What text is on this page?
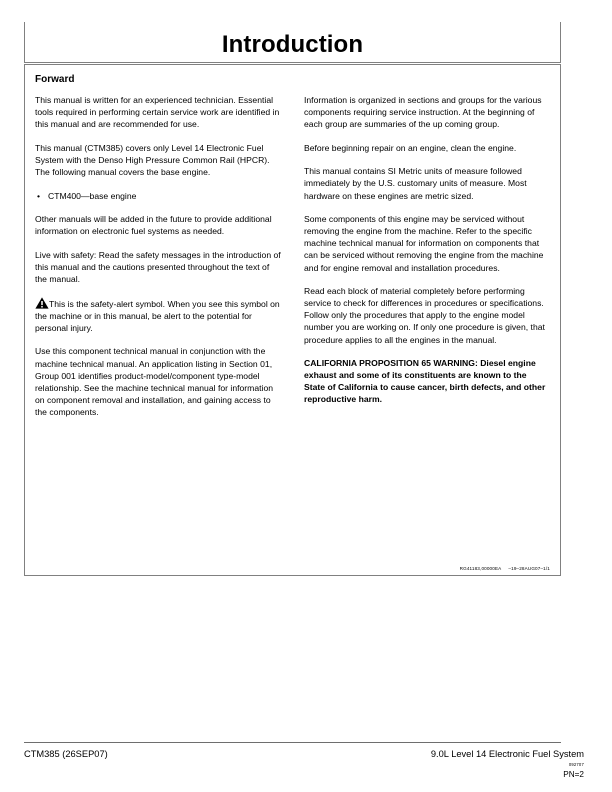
Introduction
Forward

This manual is written for an experienced technician. Essential tools required in performing certain service work are identified in this manual and are recommended for use.

This manual (CTM385) covers only Level 14 Electronic Fuel System with the Denso High Pressure Common Rail (HPCR). The following manual covers the base engine.

• CTM400—base engine

Other manuals will be added in the future to provide additional information on electronic fuel systems as needed.

Live with safety: Read the safety messages in the introduction of this manual and the cautions presented throughout the text of the manual.

This is the safety-alert symbol. When you see this symbol on the machine or in this manual, be alert to the potential for personal injury.

Use this component technical manual in conjunction with the machine technical manual. An application listing in Section 01, Group 001 identifies product-model/component type-model relationship. See the machine technical manual for information on component removal and installation, and gaining access to the components.

Information is organized in sections and groups for the various components requiring service instruction. At the beginning of each group are summaries of the up coming group.

Before beginning repair on an engine, clean the engine.

This manual contains SI Metric units of measure followed immediately by the U.S. customary units of measure. Most hardware on these engines are metric sized.

Some components of this engine may be serviced without removing the engine from the machine. Refer to the specific machine technical manual for information on components that can be serviced without removing the engine from the machine and for engine removal and installation procedures.

Read each block of material completely before performing service to check for differences in procedures or specifications. Follow only the procedures that apply to the engine model number you are working on. If only one procedure is given, that procedure applies to all the engines in the manual.

CALIFORNIA PROPOSITION 65 WARNING: Diesel engine exhaust and some of its constituents are known to the State of California to cause cancer, birth defects, and other reproductive harm.

RG41183,00000EA –19–28AUG07–1/1
CTM385 (26SEP07)	9.0L Level 14 Electronic Fuel System
092707
PN=2
